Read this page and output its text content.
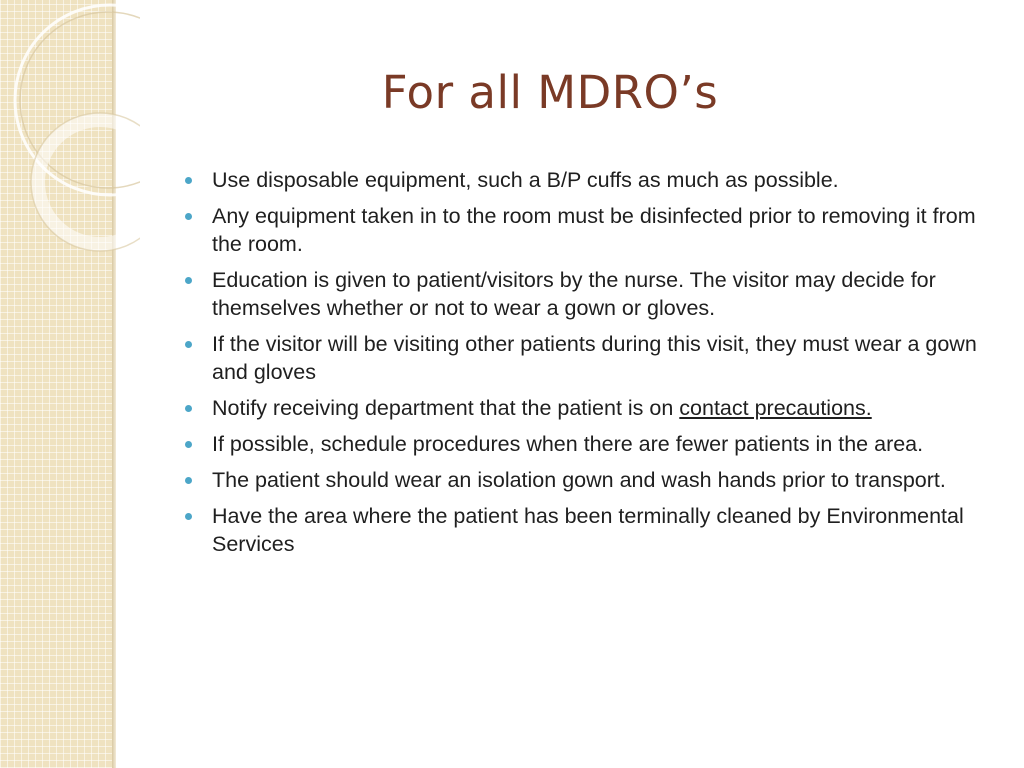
For all MDRO’s
Use disposable equipment, such a B/P cuffs as much as possible.
Any equipment taken in to the room must be disinfected prior to removing it from the room.
Education is given to patient/visitors by the nurse. The visitor may decide for themselves whether or not to wear a gown or gloves.
If the visitor will be visiting other patients during this visit, they must wear a gown and gloves
Notify receiving department that the patient is on contact precautions.
If possible, schedule procedures when there are fewer patients in the area.
The patient should wear an isolation gown and wash hands prior to transport.
Have the area where the patient has been terminally cleaned by Environmental Services
